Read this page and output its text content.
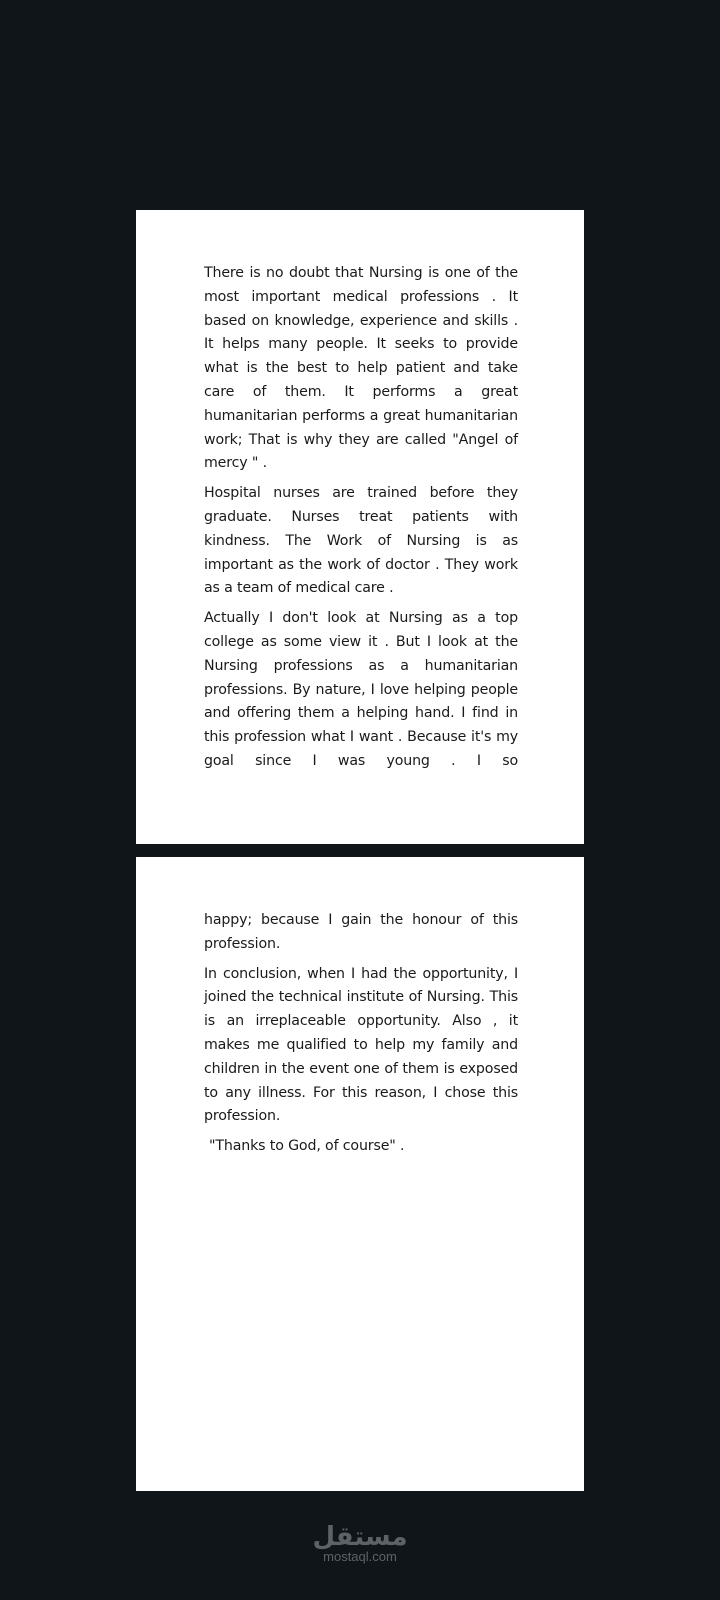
There is no doubt that Nursing is one of the most important medical professions . It based on knowledge, experience and skills . It helps many people. It seeks to provide what is the best to help patient and take care of them. It performs a great humanitarian performs a great humanitarian work; That is why they are called "Angel of mercy " .

Hospital nurses are trained before they graduate. Nurses treat patients with kindness. The Work of Nursing is as important as the work of doctor . They work as a team of medical care .

Actually I don't look at Nursing as a top college as some view it . But I look at the Nursing professions as a humanitarian professions. By nature, I love helping people and offering them a helping hand. I find in this profession what I want . Because it's my goal since I was young . I so

happy; because I gain the honour of this profession.

In conclusion, when I had the opportunity, I joined the technical institute of Nursing. This is an irreplaceable opportunity. Also , it makes me qualified to help my family and children in the event one of them is exposed to any illness. For this reason, I chose this profession.

"Thanks to God, of course" .

مستقل
mostaql.com
